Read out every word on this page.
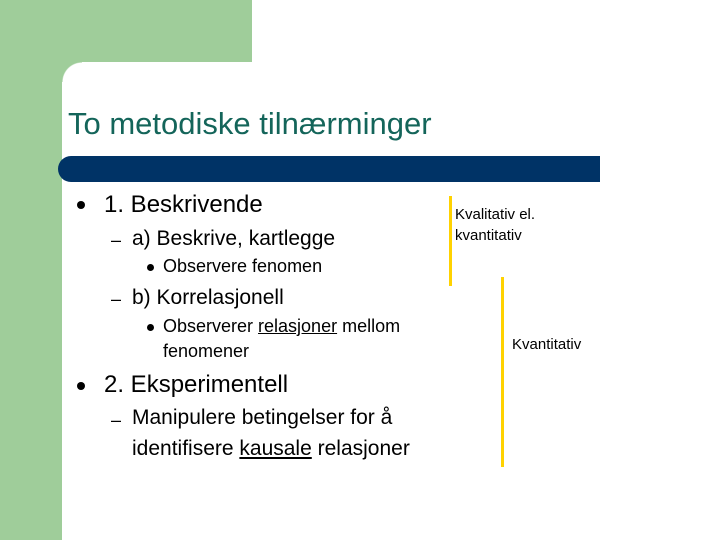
To metodiske tilnærminger
1. Beskrivende
– a) Beskrive, kartlegge
Observere fenomen
– b) Korrelasjonell
Observerer relasjoner mellom
fenomener
2. Eksperimentell
– Manipulere betingelser for å
identifisere kausale relasjoner
Kvalitativ el.
kvantitativ
Kvantitativ
